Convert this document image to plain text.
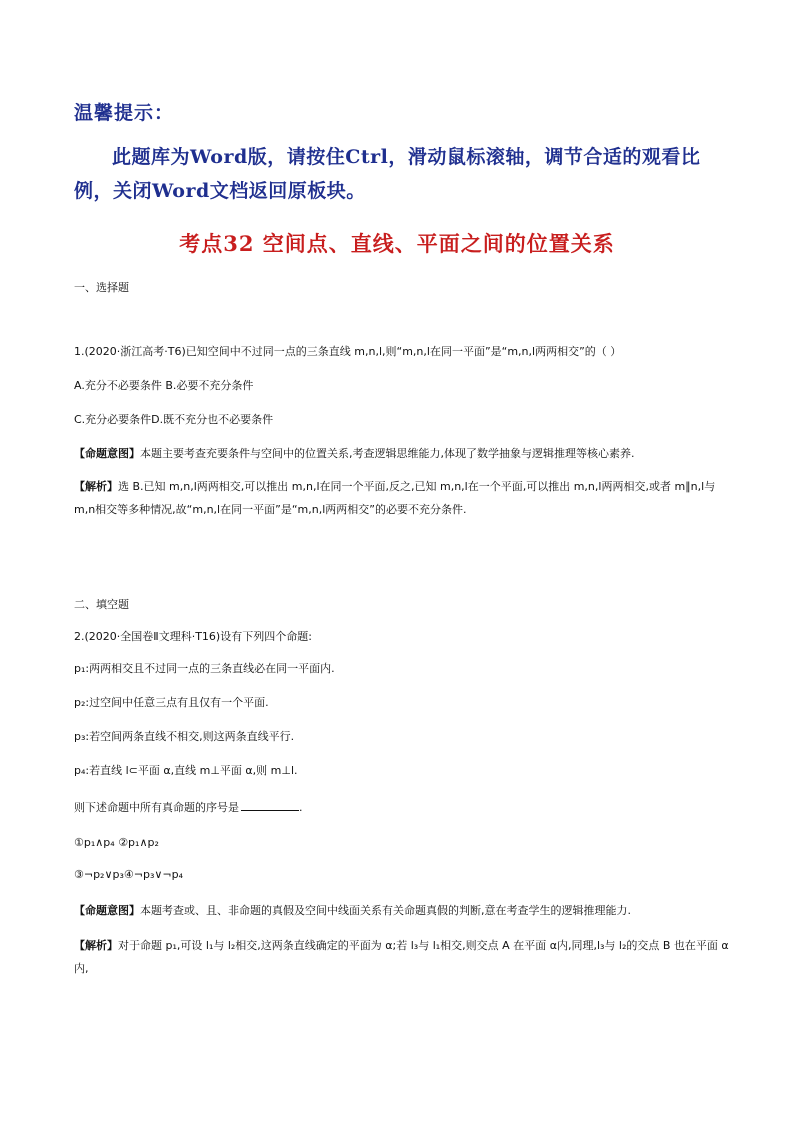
温馨提示：
此题库为Word版，请按住Ctrl，滑动鼠标滚轴，调节合适的观看比例，关闭Word文档返回原板块。
考点32 空间点、直线、平面之间的位置关系
一、选择题
1.(2020·浙江高考·T6)已知空间中不过同一点的三条直线 m,n,l,则“m,n,l在同一平面”是“m,n,l两两相交”的（ ）
A.充分不必要条件 B.必要不充分条件
C.充分必要条件D.既不充分也不必要条件
【命题意图】本题主要考查充要条件与空间中的位置关系,考查逻辑思维能力,体现了数学抽象与逻辑推理等核心素养.
【解析】选 B.已知 m,n,l两两相交,可以推出 m,n,l在同一个平面,反之,已知 m,n,l在一个平面,可以推出 m,n,l两两相交,或者 m∥n,l与 m,n相交等多种情况,故“m,n,l在同一平面”是“m,n,l两两相交”的必要不充分条件.
二、填空题
2.(2020·全国卷Ⅱ文理科·T16)设有下列四个命题:
p₁:两两相交且不过同一点的三条直线必在同一平面内.
p₂:过空间中任意三点有且仅有一个平面.
p₃:若空间两条直线不相交,则这两条直线平行.
p₄:若直线 l⊂平面 α,直线 m⊥平面 α,则 m⊥l.
则下述命题中所有真命题的序号是	.
①p₁∧p₄ ②p₁∧p₂
③¬p₂∨p₃④¬p₃∨¬p₄
【命题意图】本题考查或、且、非命题的真假及空间中线面关系有关命题真假的判断,意在考查学生的逻辑推理能力.
【解析】对于命题 p₁,可设 l₁与 l₂相交,这两条直线确定的平面为 α;若 l₃与 l₁相交,则交点 A 在平面 α内,同理,l₃与 l₂的交点 B 也在平面 α内,
